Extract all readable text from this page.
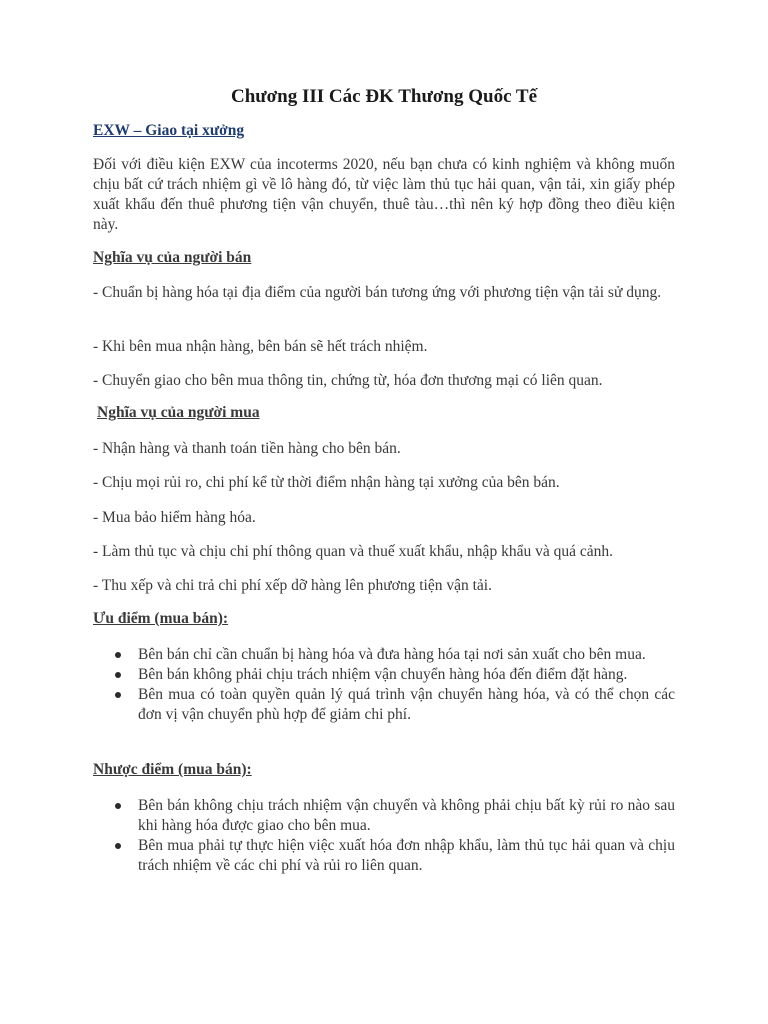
Chương III Các ĐK Thương Quốc Tế

EXW – Giao tại xưởng

Đối với điều kiện EXW của incoterms 2020, nếu bạn chưa có kinh nghiệm và không muốn chịu bất cứ trách nhiệm gì về lô hàng đó, từ việc làm thủ tục hải quan, vận tải, xin giấy phép xuất khẩu đến thuê phương tiện vận chuyển, thuê tàu…thì nên ký hợp đồng theo điều kiện này.

Nghĩa vụ của người bán

- Chuẩn bị hàng hóa tại địa điểm của người bán tương ứng với phương tiện vận tải sử dụng.

- Khi bên mua nhận hàng, bên bán sẽ hết trách nhiệm.

- Chuyển giao cho bên mua thông tin, chứng từ, hóa đơn thương mại có liên quan.

Nghĩa vụ của người mua

- Nhận hàng và thanh toán tiền hàng cho bên bán.

- Chịu mọi rủi ro, chi phí kể từ thời điểm nhận hàng tại xưởng của bên bán.

- Mua bảo hiểm hàng hóa.

- Làm thủ tục và chịu chi phí thông quan và thuế xuất khẩu, nhập khẩu và quá cảnh.

- Thu xếp và chi trả chi phí xếp dỡ hàng lên phương tiện vận tải.

Ưu điểm (mua bán):

Bên bán chỉ cần chuẩn bị hàng hóa và đưa hàng hóa tại nơi sản xuất cho bên mua.
Bên bán không phải chịu trách nhiệm vận chuyển hàng hóa đến điểm đặt hàng.
Bên mua có toàn quyền quản lý quá trình vận chuyển hàng hóa, và có thể chọn các đơn vị vận chuyển phù hợp để giảm chi phí.

Nhược điểm (mua bán):

Bên bán không chịu trách nhiệm vận chuyển và không phải chịu bất kỳ rủi ro nào sau khi hàng hóa được giao cho bên mua.
Bên mua phải tự thực hiện việc xuất hóa đơn nhập khẩu, làm thủ tục hải quan và chịu trách nhiệm về các chi phí và rủi ro liên quan.
